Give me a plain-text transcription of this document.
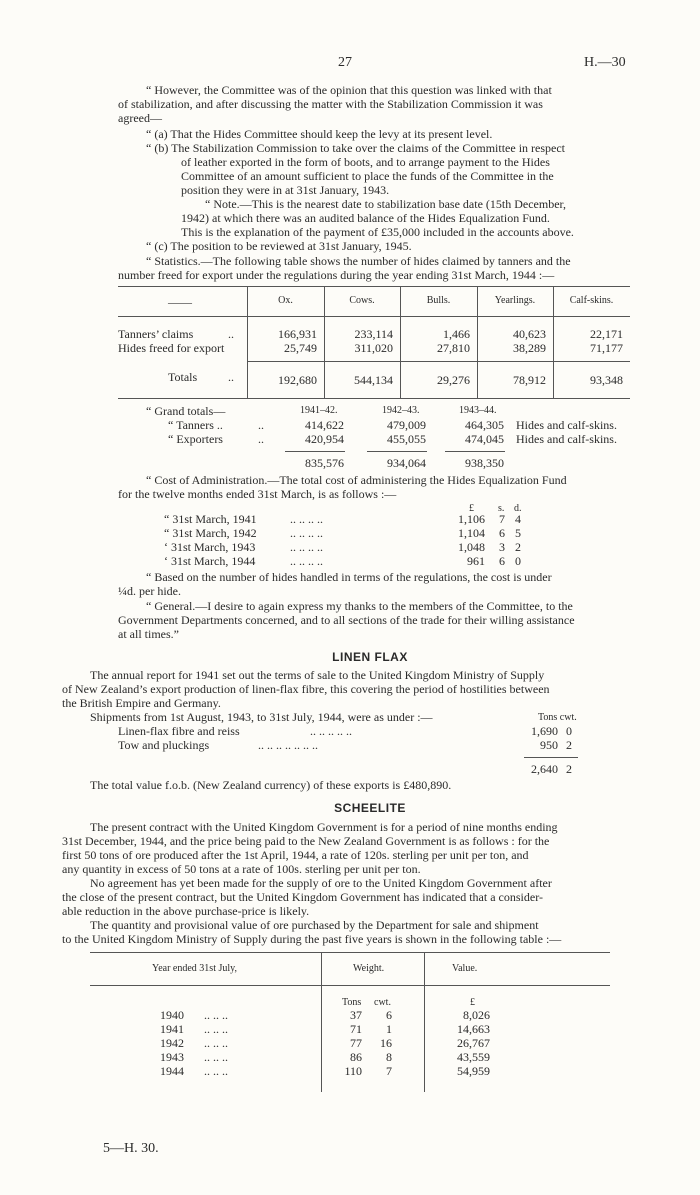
27	H.—30
“ However, the Committee was of the opinion that this question was linked with that
of stabilization, and after discussing the matter with the Stabilization Commission it was
agreed—
“ (a) That the Hides Committee should keep the levy at its present level.
“ (b) The Stabilization Commission to take over the claims of the Committee in respect
of leather exported in the form of boots, and to arrange payment to the Hides
Committee of an amount sufficient to place the funds of the Committee in the
position they were in at 31st January, 1943.
“ Note.—This is the nearest date to stabilization base date (15th December,
1942) at which there was an audited balance of the Hides Equalization Fund.
This is the explanation of the payment of £35,000 included in the accounts above.
“ (c) The position to be reviewed at 31st January, 1945.
“ Statistics.—The following table shows the number of hides claimed by tanners and the
number freed for export under the regulations during the year ending 31st March, 1944 :—
——	Ox.	Cows.	Bulls.	Yearlings.	Calf-skins.
Tanners’ claims	..	166,931	233,114	1,466	40,623	22,171
Hides freed for export	25,749	311,020	27,810	38,289	71,177
Totals	..	192,680	544,134	29,276	78,912	93,348
“ Grand totals—	1941–42.	1942–43.	1943–44.
“ Tanners ..	..	414,622	479,009	464,305 Hides and calf-skins.
“ Exporters	..	420,954	455,055	474,045 Hides and calf-skins.
835,576	934,064	938,350
“ Cost of Administration.—The total cost of administering the Hides Equalization Fund
for the twelve months ended 31st March, is as follows :—
£ s. d.
“ 31st March, 1941	.. .. .. ..	1,106 7 4
“ 31st March, 1942	.. .. .. ..	1,104 6 5
‘ 31st March, 1943	.. .. .. ..	1,048 3 2
‘ 31st March, 1944	.. .. .. ..	961 6 0
“ Based on the number of hides handled in terms of the regulations, the cost is under
¼d. per hide.
“ General.—I desire to again express my thanks to the members of the Committee, to the
Government Departments concerned, and to all sections of the trade for their willing assistance
at all times.”
LINEN FLAX
The annual report for 1941 set out the terms of sale to the United Kingdom Ministry of Supply
of New Zealand’s export production of linen-flax fibre, this covering the period of hostilities between
the British Empire and Germany.
Shipments from 1st August, 1943, to 31st July, 1944, were as under :—	Tons cwt.
Linen-flax fibre and reiss	.. .. .. .. ..	1,690 0
Tow and pluckings	.. .. .. .. .. .. ..	950 2
2,640 2
The total value f.o.b. (New Zealand currency) of these exports is £480,890.
SCHEELITE
The present contract with the United Kingdom Government is for a period of nine months ending
31st December, 1944, and the price being paid to the New Zealand Government is as follows : for the
first 50 tons of ore produced after the 1st April, 1944, a rate of 120s. sterling per unit per ton, and
any quantity in excess of 50 tons at a rate of 100s. sterling per unit per ton.
No agreement has yet been made for the supply of ore to the United Kingdom Government after
the close of the present contract, but the United Kingdom Government has indicated that a consider-
able reduction in the above purchase-price is likely.
The quantity and provisional value of ore purchased by the Department for sale and shipment
to the United Kingdom Ministry of Supply during the past five years is shown in the following table :—
Year ended 31st July,	Weight.	Value.
Tons cwt.	£
1940 .. .. ..	37	6	8,026
1941 .. .. ..	71	1	14,663
1942 .. .. ..	77	16	26,767
1943 .. .. ..	86	8	43,559
1944 .. .. ..	110	7	54,959
5—H. 30.
